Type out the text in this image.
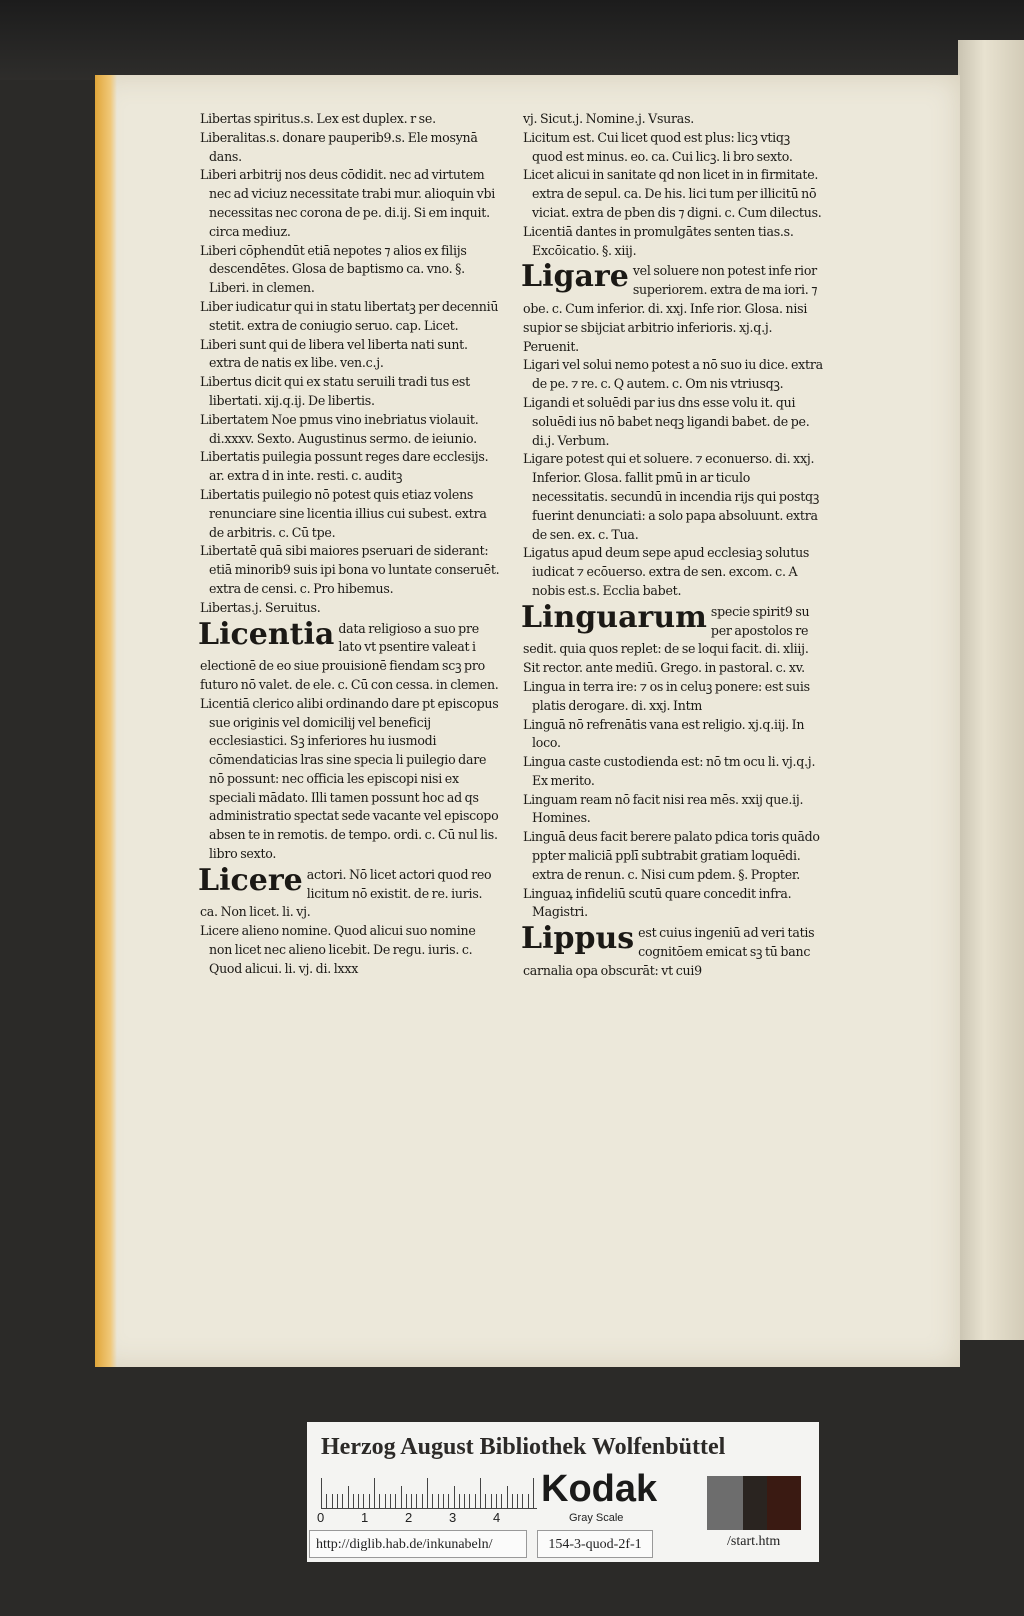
Libertas spiritus.s. Lex est duplex. r se.

Liberalitas.s. donare pauperib9.s. Ele mosynā dans.

Liberi arbitrij nos deus cōdidit. nec ad virtutem nec ad viciuz necessitate trabi mur. alioquin vbi necessitas nec corona de pe. di.ij. Si em inquit. circa mediuz.

Liberi cōphendūt etiā nepotes ⁊ alios ex filijs descendētes. Glosa de baptismo ca. vno. §. Liberi. in clemen.

Liber iudicatur qui in statu libertatꝫ per decenniū stetit. extra de coniugio seruo. cap. Licet.

Liberi sunt qui de libera vel liberta nati sunt. extra de natis ex libe. ven.c.j.

Libertus dicit qui ex statu seruili tradi tus est libertati. xij.q.ij. De libertis.

Libertatem Noe pmus vino inebriatus violauit. di.xxxv. Sexto. Augustinus sermo. de ieiunio.

Libertatis puilegia possunt reges dare ecclesijs. ar. extra d in inte. resti. c. auditꝫ

Libertatis puilegio nō potest quis etiaz volens renunciare sine licentia illius cui subest. extra de arbitris. c. Cū tpe.

Libertatē quā sibi maiores pseruari de siderant: etiā minorib9 suis ipi bona vo luntate conseruēt. extra de censi. c. Pro hibemus.

Libertas.j. Seruitus.

Licentia data religioso a suo pre lato vt psentire valeat i electionē de eo siue prouisionē fiendam scꝫ pro futuro nō valet. de ele. c. Cū con cessa. in clemen.

Licentiā clerico alibi ordinando dare pt episcopus sue originis vel domicilij vel beneficij ecclesiastici. Sꝫ inferiores hu iusmodi cōmendaticias lras sine specia li puilegio dare nō possunt: nec officia les episcopi nisi ex speciali mādato. Illi tamen possunt hoc ad qs administratio spectat sede vacante vel episcopo absen te in remotis. de tempo. ordi. c. Cū nul lis. libro sexto.

Licere actori. Nō licet actori quod reo licitum nō existit. de re. iuris. ca. Non licet. li. vj.

Licere alieno nomine. Quod alicui suo nomine non licet nec alieno licebit. De regu. iuris. c. Quod alicui. li. vj. di. lxxx

vj. Sicut.j. Nomine.j. Vsuras.

Licitum est. Cui licet quod est plus: licꝫ vtiqꝫ quod est minus. eo. ca. Cui licꝫ. li bro sexto.

Licet alicui in sanitate qd non licet in in firmitate. extra de sepul. ca. De his. lici tum per illicitū nō viciat. extra de pben dis ⁊ digni. c. Cum dilectus.

Licentiā dantes in promulgātes senten tias.s. Excōicatio. §. xiij.

Ligare vel soluere non potest infe rior superiorem. extra de ma iori. ⁊ obe. c. Cum inferior. di. xxj. Infe rior. Glosa. nisi supior se sbijciat arbitrio inferioris. xj.q.j. Peruenit.

Ligari vel solui nemo potest a nō suo iu dice. extra de pe. ⁊ re. c. Q autem. c. Om nis vtriusqꝫ.

Ligandi et soluēdi par ius dns esse volu it. qui soluēdi ius nō babet neqꝫ ligandi babet. de pe. di.j. Verbum.

Ligare potest qui et soluere. ⁊ econuerso. di. xxj. Inferior. Glosa. fallit pmū in ar ticulo necessitatis. secundū in incendia rijs qui postqꝫ fuerint denunciati: a solo papa absoluunt. extra de sen. ex. c. Tua.

Ligatus apud deum sepe apud ecclesiaꝫ solutus iudicat ⁊ ecōuerso. extra de sen. excom. c. A nobis est.s. Ecclia babet.

Linguarum specie spirit9 su per apostolos re sedit. quia quos replet: de se loqui facit. di. xliij. Sit rector. ante mediū. Grego. in pastoral. c. xv.

Lingua in terra ire: ⁊ os in celuꝫ ponere: est suis platis derogare. di. xxj. Intm

Linguā nō refrenātis vana est religio. xj.q.iij. In loco.

Lingua caste custodienda est: nō tm ocu li. vj.q.j. Ex merito.

Linguam ream nō facit nisi rea mēs. xxij que.ij. Homines.

Linguā deus facit berere palato pdica toris quādo ppter maliciā pplī subtrabit gratiam loquēdi. extra de renun. c. Nisi cum pdem. §. Propter.

Linguaꝝ infideliū scutū quare concedit infra. Magistri.

Lippus est cuius ingeniū ad veri tatis cognitōem emicat sꝫ tū banc carnalia opa obscurāt: vt cui9

Herzog August Bibliothek Wolfenbüttel
0	1	2	3	4
Kodak
Gray Scale
http://diglib.hab.de/inkunabeln/	154-3-quod-2f-1	/start.htm
